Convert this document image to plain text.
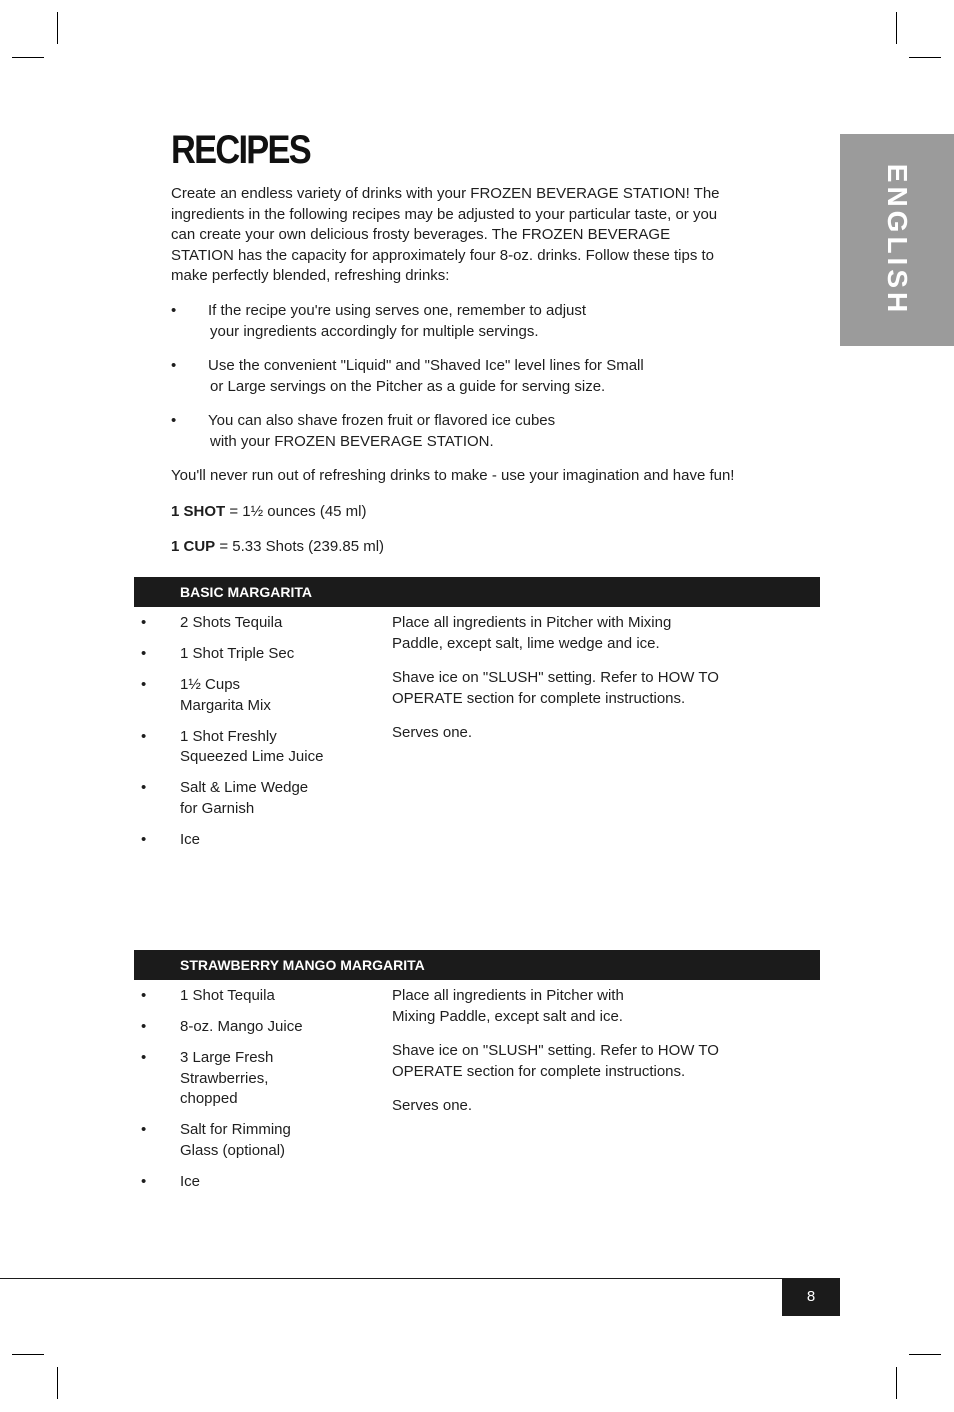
ENGLISH
RECIPES

Create an endless variety of drinks with your FROZEN BEVERAGE STATION! The ingredients in the following recipes may be adjusted to your particular taste, or you can create your own delicious frosty beverages. The FROZEN BEVERAGE STATION has the capacity for approximately four 8-oz. drinks. Follow these tips to make perfectly blended, refreshing drinks:

•	If the recipe you're using serves one, remember to adjust
your ingredients accordingly for multiple servings.
•	Use the convenient "Liquid" and "Shaved Ice" level lines for Small
or Large servings on the Pitcher as a guide for serving size.
•	You can also shave frozen fruit or flavored ice cubes
with your FROZEN BEVERAGE STATION.

You'll never run out of refreshing drinks to make - use your imagination and have fun!

1 SHOT = 1½ ounces (45 ml)

1 CUP = 5.33 Shots (239.85 ml)

BASIC MARGARITA
•	2 Shots Tequila
•	1 Shot Triple Sec
•	1½ Cups
Margarita Mix
•	1 Shot Freshly
Squeezed Lime Juice
•	Salt & Lime Wedge
for Garnish
•	Ice

Place all ingredients in Pitcher with Mixing
Paddle, except salt, lime wedge and ice.

Shave ice on "SLUSH" setting. Refer to HOW TO
OPERATE section for complete instructions.

Serves one.

STRAWBERRY MANGO MARGARITA
•	1 Shot Tequila
•	8-oz. Mango Juice
•	3 Large Fresh
Strawberries,
chopped
•	Salt for Rimming
Glass (optional)
•	Ice

Place all ingredients in Pitcher with
Mixing Paddle, except salt and ice.

Shave ice on "SLUSH" setting. Refer to HOW TO
OPERATE section for complete instructions.

Serves one.

8
